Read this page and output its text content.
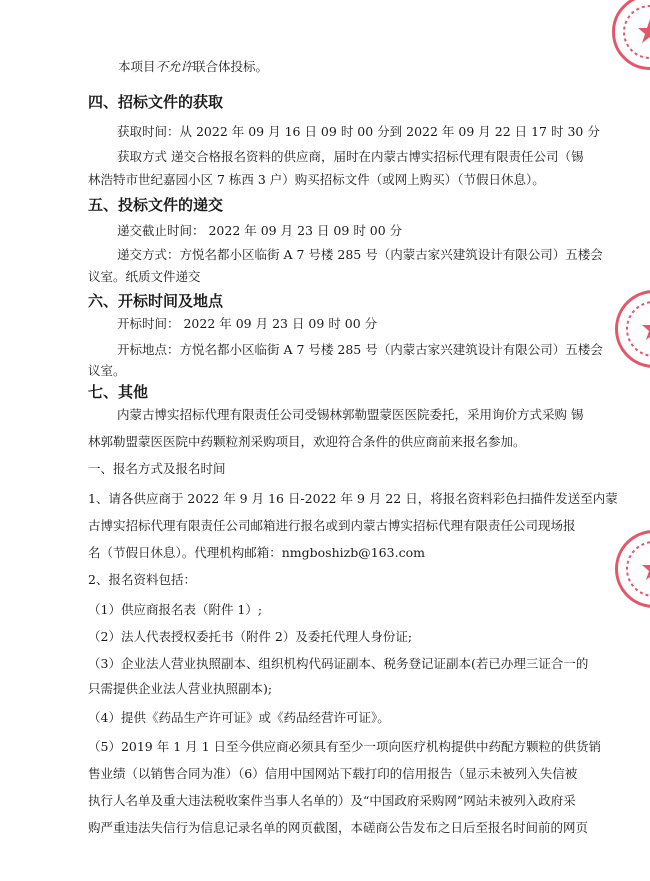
本项目不允许联合体投标。
四、招标文件的获取
获取时间：从 2022 年 09 月 16 日 09 时 00 分到 2022 年 09 月 22 日 17 时 30 分
获取方式 递交合格报名资料的供应商，届时在内蒙古博实招标代理有限责任公司（锡
林浩特市世纪嘉园小区 7 栋西 3 户）购买招标文件（或网上购买）（节假日休息）。
五、投标文件的递交
递交截止时间： 2022 年 09 月 23 日 09 时 00 分
递交方式：方悦名都小区临街 A 7 号楼 285 号（内蒙古家兴建筑设计有限公司）五楼会
议室。纸质文件递交
六、开标时间及地点
开标时间： 2022 年 09 月 23 日 09 时 00 分
开标地点：方悦名都小区临街 A 7 号楼 285 号（内蒙古家兴建筑设计有限公司）五楼会
议室。
七、其他
内蒙古博实招标代理有限责任公司受锡林郭勒盟蒙医医院委托，采用询价方式采购 锡
林郭勒盟蒙医医院中药颗粒剂采购项目，欢迎符合条件的供应商前来报名参加。
一、报名方式及报名时间
1、请各供应商于 2022 年 9 月 16 日-2022 年 9 月 22 日，将报名资料彩色扫描件发送至内蒙
古博实招标代理有限责任公司邮箱进行报名或到内蒙古博实招标代理有限责任公司现场报
名（节假日休息）。代理机构邮箱：nmgboshizb@163.com
2、报名资料包括：
（1）供应商报名表（附件 1）;
（2）法人代表授权委托书（附件 2）及委托代理人身份证;
（3）企业法人营业执照副本、组织机构代码证副本、税务登记证副本(若已办理三证合一的
只需提供企业法人营业执照副本);
（4）提供《药品生产许可证》或《药品经营许可证》。
（5）2019 年 1 月 1 日至今供应商必须具有至少一项向医疗机构提供中药配方颗粒的供货销
售业绩（以销售合同为准）（6）信用中国网站下载打印的信用报告（显示未被列入失信被
执行人名单及重大违法税收案件当事人名单的）及“中国政府采购网”网站未被列入政府采
购严重违法失信行为信息记录名单的网页截图，本磋商公告发布之日后至报名时间前的网页
